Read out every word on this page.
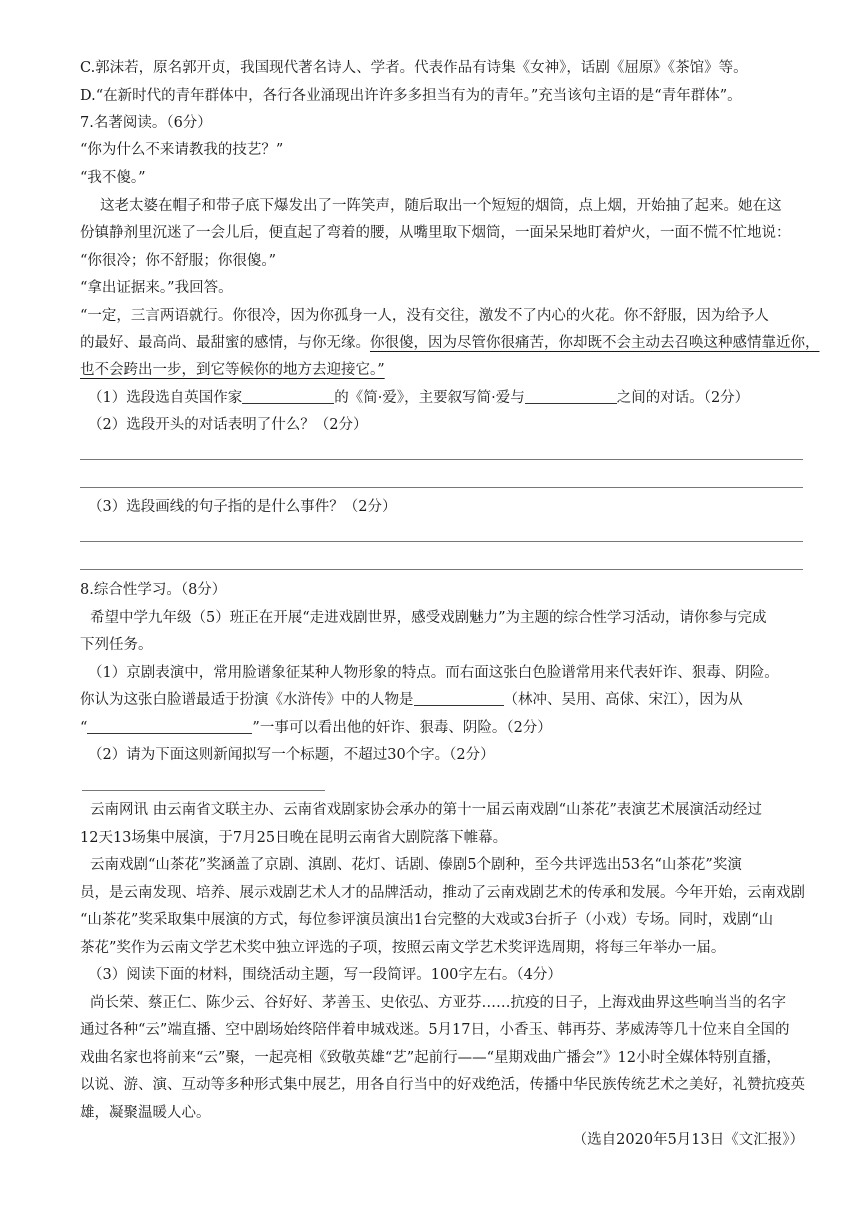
C.郭沫若，原名郭开贞，我国现代著名诗人、学者。代表作品有诗集《女神》，话剧《屈原》《茶馆》等。
D.“在新时代的青年群体中，各行各业涌现出许许多多担当有为的青年。”充当该句主语的是“青年群体”。
7.名著阅读。（6分）
“你为什么不来请教我的技艺？”
“我不傻。”
这老太婆在帽子和带子底下爆发出了一阵笑声，随后取出一个短短的烟筒，点上烟，开始抽了起来。她在这
份镇静剂里沉迷了一会儿后，便直起了弯着的腰，从嘴里取下烟筒，一面呆呆地盯着炉火，一面不慌不忙地说：
“你很冷；你不舒服；你很傻。”
“拿出证据来。”我回答。
“一定，三言两语就行。你很冷，因为你孤身一人，没有交往，激发不了内心的火花。你不舒服，因为给予人
的最好、最高尚、最甜蜜的感情，与你无缘。你很傻，因为尽管你很痛苦，你却既不会主动去召唤这种感情靠近你，
也不会跨出一步，到它等候你的地方去迎接它。”
（1）选段选自英国作家	的《简·爱》，主要叙写简·爱与	之间的对话。（2分）
（2）选段开头的对话表明了什么？（2分）
（3）选段画线的句子指的是什么事件？（2分）
8.综合性学习。（8分）
希望中学九年级（5）班正在开展“走进戏剧世界，感受戏剧魅力”为主题的综合性学习活动，请你参与完成
下列任务。
（1）京剧表演中，常用脸谱象征某种人物形象的特点。而右面这张白色脸谱常用来代表奸诈、狠毒、阴险。
你认为这张白脸谱最适于扮演《水浒传》中的人物是	（林冲、吴用、高俅、宋江），因为从
“	”一事可以看出他的奸诈、狠毒、阴险。（2分）
（2）请为下面这则新闻拟写一个标题，不超过30个字。（2分）
云南网讯 由云南省文联主办、云南省戏剧家协会承办的第十一届云南戏剧“山茶花”表演艺术展演活动经过
12天13场集中展演，于7月25日晚在昆明云南省大剧院落下帷幕。
云南戏剧“山茶花”奖涵盖了京剧、滇剧、花灯、话剧、傣剧5个剧种，至今共评选出53名“山茶花”奖演
员，是云南发现、培养、展示戏剧艺术人才的品牌活动，推动了云南戏剧艺术的传承和发展。今年开始，云南戏剧
“山茶花”奖采取集中展演的方式，每位参评演员演出1台完整的大戏或3台折子（小戏）专场。同时，戏剧“山
茶花”奖作为云南文学艺术奖中独立评选的子项，按照云南文学艺术奖评选周期，将每三年举办一届。
（3）阅读下面的材料，围绕活动主题，写一段简评。100字左右。（4分）
尚长荣、蔡正仁、陈少云、谷好好、茅善玉、史依弘、方亚芬……抗疫的日子，上海戏曲界这些响当当的名字
通过各种“云”端直播、空中剧场始终陪伴着申城戏迷。5月17日，小香玉、韩再芬、茅威涛等几十位来自全国的
戏曲名家也将前来“云”聚，一起亮相《致敬英雄“艺”起前行——“星期戏曲广播会”》12小时全媒体特别直播，
以说、游、演、互动等多种形式集中展艺，用各自行当中的好戏绝活，传播中华民族传统艺术之美好，礼赞抗疫英
雄，凝聚温暖人心。
（选自2020年5月13日《文汇报》）
